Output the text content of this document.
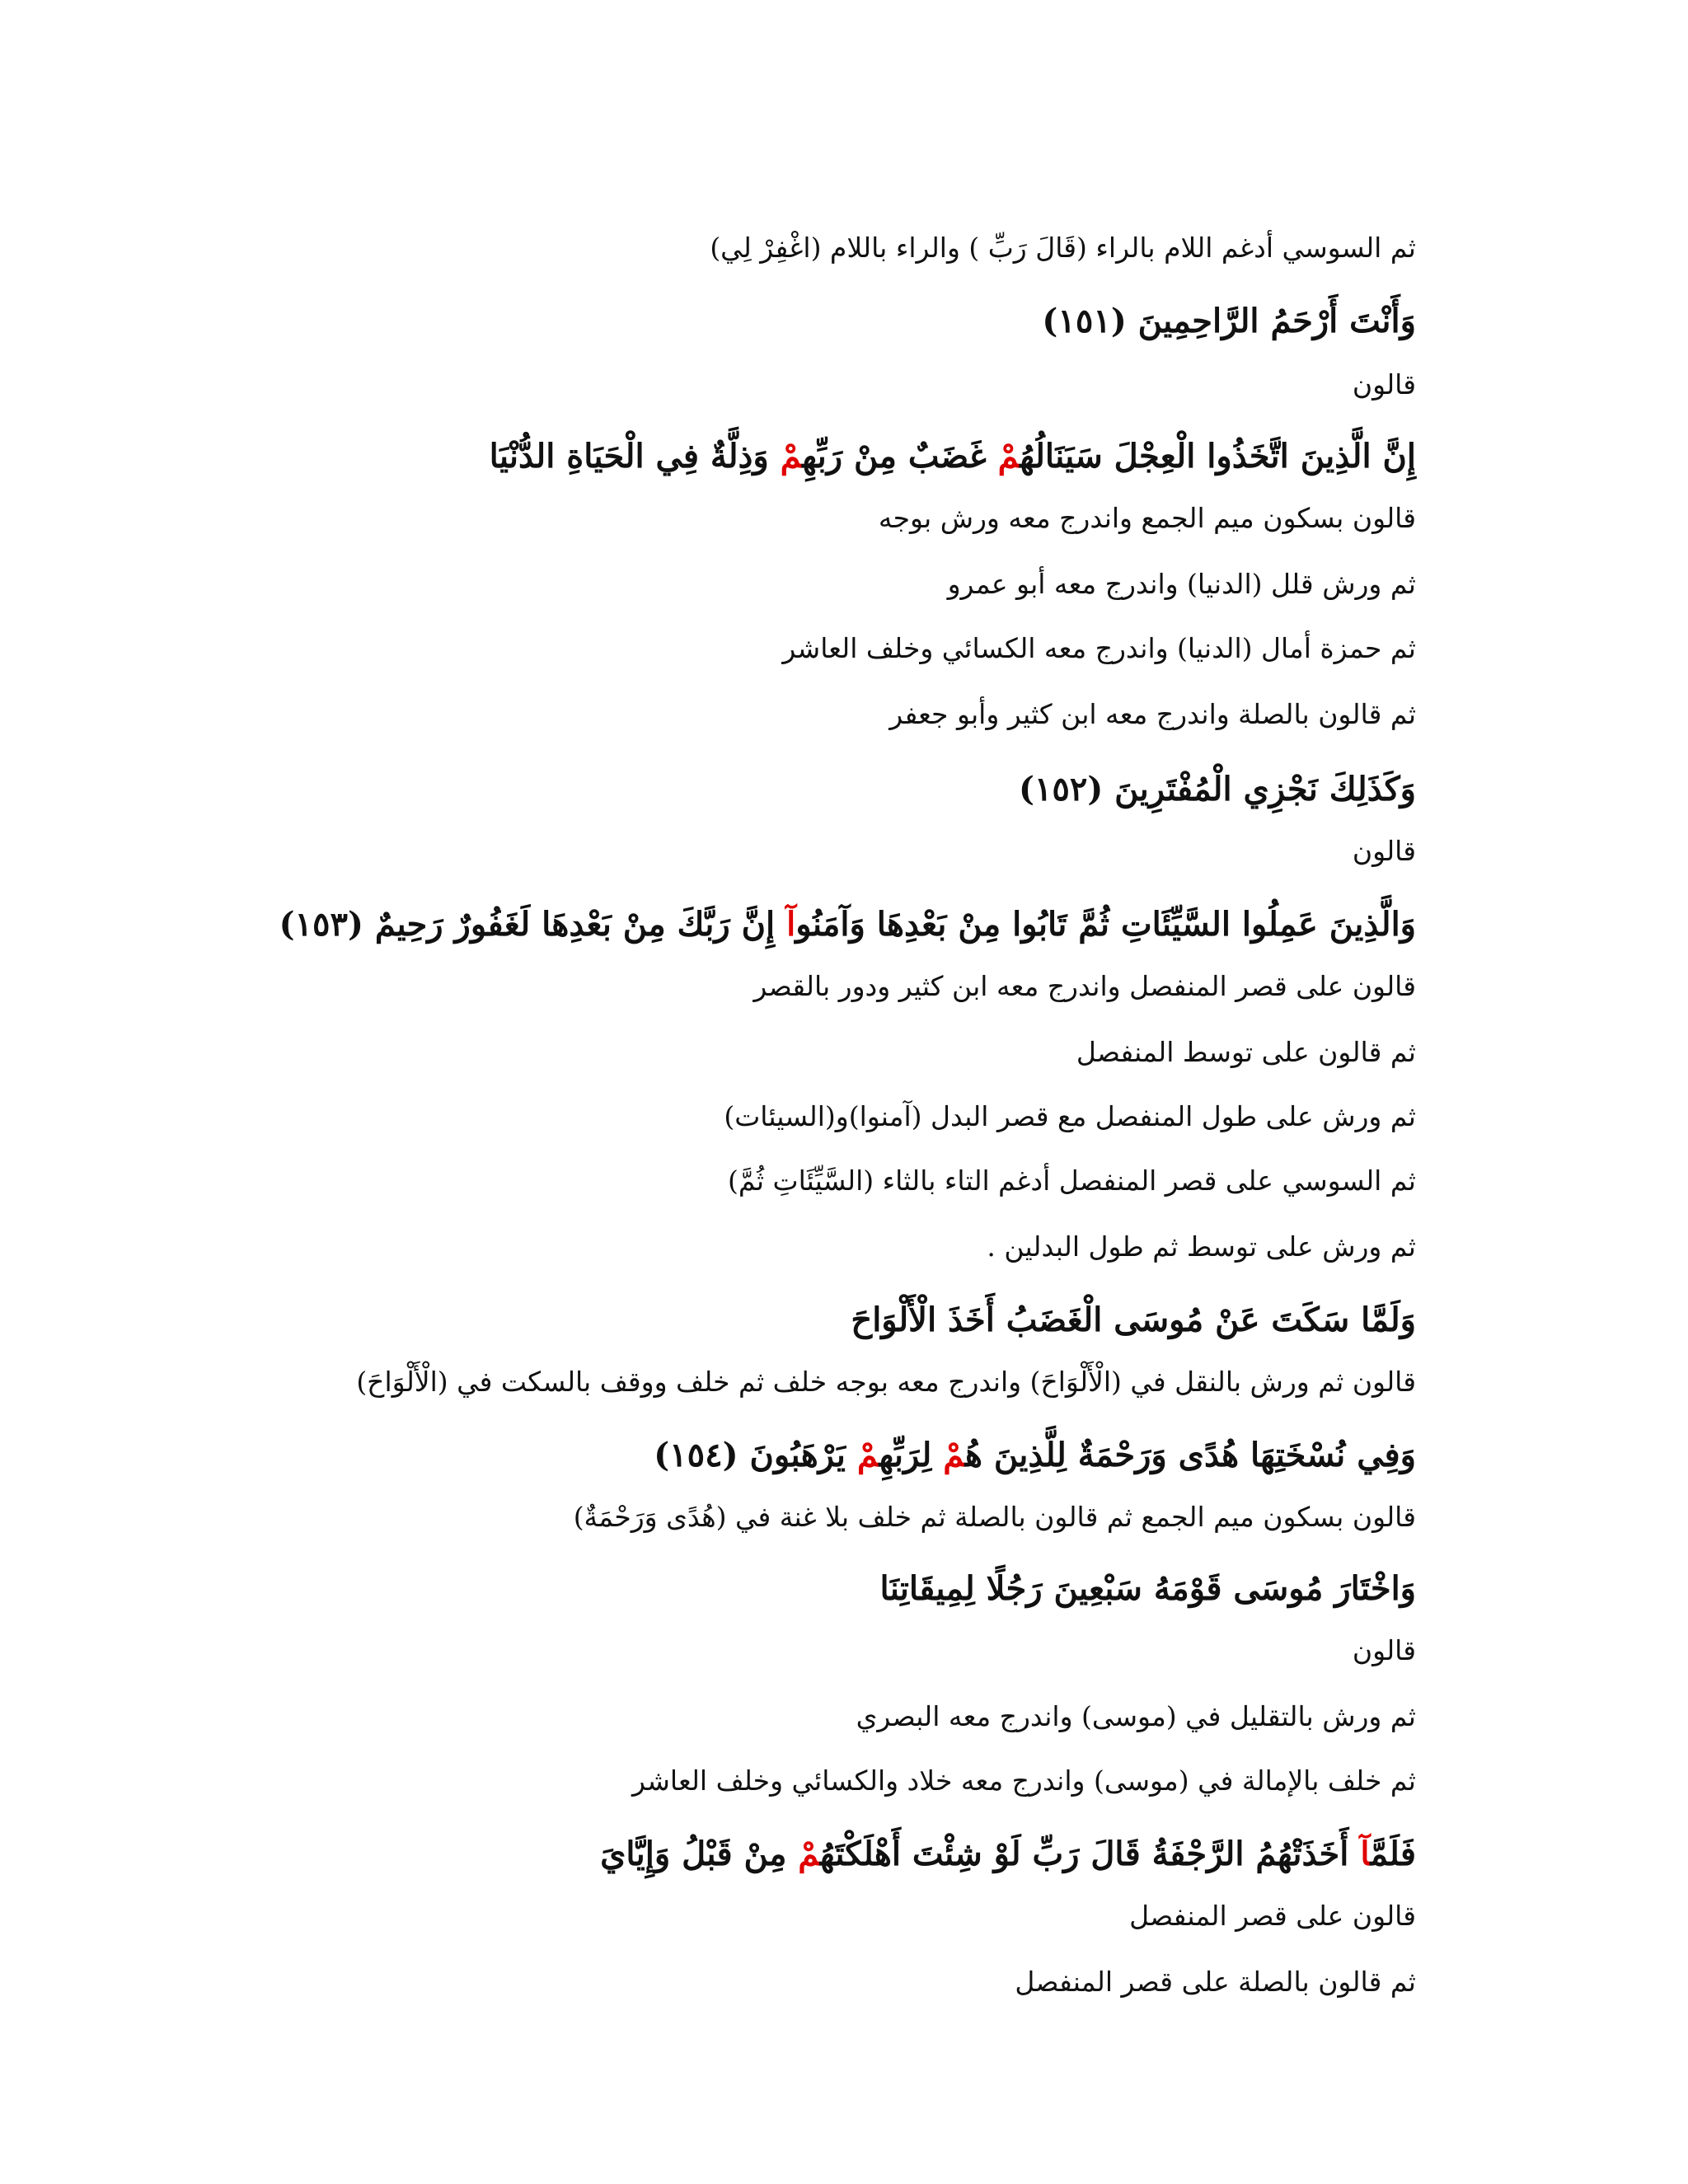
ثم السوسي أدغم اللام بالراء (قَالَ رَبِّ ) والراء باللام (اغْفِرْ لِي)

وَأَنْتَ أَرْحَمُ الرَّاحِمِينَ (١٥١)

قالون

إِنَّ الَّذِينَ اتَّخَذُوا الْعِجْلَ سَيَنَالُهُمْ غَضَبٌ مِنْ رَبِّهِمْ وَذِلَّةٌ فِي الْحَيَاةِ الدُّنْيَا

قالون بسكون ميم الجمع واندرج معه ورش بوجه

ثم ورش قلل (الدنيا) واندرج معه أبو عمرو

ثم حمزة أمال (الدنيا) واندرج معه الكسائي وخلف العاشر

ثم قالون بالصلة واندرج معه ابن كثير وأبو جعفر

وَكَذَلِكَ نَجْزِي الْمُفْتَرِينَ (١٥٢)

قالون

وَالَّذِينَ عَمِلُوا السَّيِّئَاتِ ثُمَّ تَابُوا مِنْ بَعْدِهَا وَآمَنُوآ إِنَّ رَبَّكَ مِنْ بَعْدِهَا لَغَفُورٌ رَحِيمٌ (١٥٣)

قالون على قصر المنفصل واندرج معه ابن كثير ودور بالقصر

ثم قالون على توسط المنفصل

ثم ورش على طول المنفصل مع قصر البدل (آمنوا)و(السيئات)

ثم السوسي على قصر المنفصل أدغم التاء بالثاء (السَّيِّئَاتِ ثُمَّ)

ثم ورش على توسط ثم طول البدلين .

وَلَمَّا سَكَتَ عَنْ مُوسَى الْغَضَبُ أَخَذَ الْأَلْوَاحَ

قالون ثم ورش بالنقل في (الْأَلْوَاحَ) واندرج معه بوجه خلف ثم خلف ووقف بالسكت في (الْأَلْوَاحَ)

وَفِي نُسْخَتِهَا هُدًى وَرَحْمَةٌ لِلَّذِينَ هُمْ لِرَبِّهِمْ يَرْهَبُونَ (١٥٤)

قالون بسكون ميم الجمع ثم قالون بالصلة ثم خلف بلا غنة في (هُدًى وَرَحْمَةٌ)

وَاخْتَارَ مُوسَى قَوْمَهُ سَبْعِينَ رَجُلًا لِمِيقَاتِنَا

قالون

ثم ورش بالتقليل في (موسى) واندرج معه البصري

ثم خلف بالإمالة في (موسى) واندرج معه خلاد والكسائي وخلف العاشر

فَلَمَّآ أَخَذَتْهُمُ الرَّجْفَةُ قَالَ رَبِّ لَوْ شِئْتَ أَهْلَكْتَهُمْ مِنْ قَبْلُ وَإِيَّايَ

قالون على قصر المنفصل

ثم قالون بالصلة على قصر المنفصل
